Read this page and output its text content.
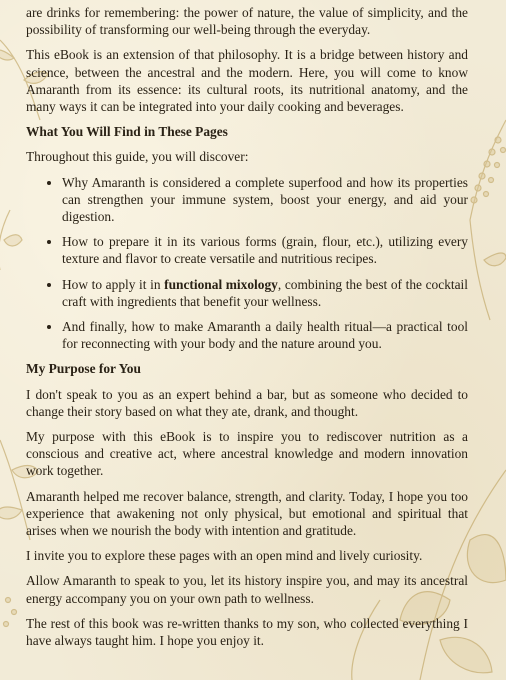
are drinks for remembering: the power of nature, the value of simplicity, and the possibility of transforming our well-being through the everyday.

This eBook is an extension of that philosophy. It is a bridge between history and science, between the ancestral and the modern. Here, you will come to know Amaranth from its essence: its cultural roots, its nutritional anatomy, and the many ways it can be integrated into your daily cooking and beverages.

What You Will Find in These Pages

Throughout this guide, you will discover:

• Why Amaranth is considered a complete superfood and how its properties can strengthen your immune system, boost your energy, and aid your digestion.
• How to prepare it in its various forms (grain, flour, etc.), utilizing every texture and flavor to create versatile and nutritious recipes.
• How to apply it in functional mixology, combining the best of the cocktail craft with ingredients that benefit your wellness.
• And finally, how to make Amaranth a daily health ritual—a practical tool for reconnecting with your body and the nature around you.
My Purpose for You

I don't speak to you as an expert behind a bar, but as someone who decided to change their story based on what they ate, drank, and thought.

My purpose with this eBook is to inspire you to rediscover nutrition as a conscious and creative act, where ancestral knowledge and modern innovation work together.

Amaranth helped me recover balance, strength, and clarity. Today, I hope you too experience that awakening not only physical, but emotional and spiritual that arises when we nourish the body with intention and gratitude.

I invite you to explore these pages with an open mind and lively curiosity.

Allow Amaranth to speak to you, let its history inspire you, and may its ancestral energy accompany you on your own path to wellness.

The rest of this book was re-written thanks to my son, who collected everything I have always taught him. I hope you enjoy it.
